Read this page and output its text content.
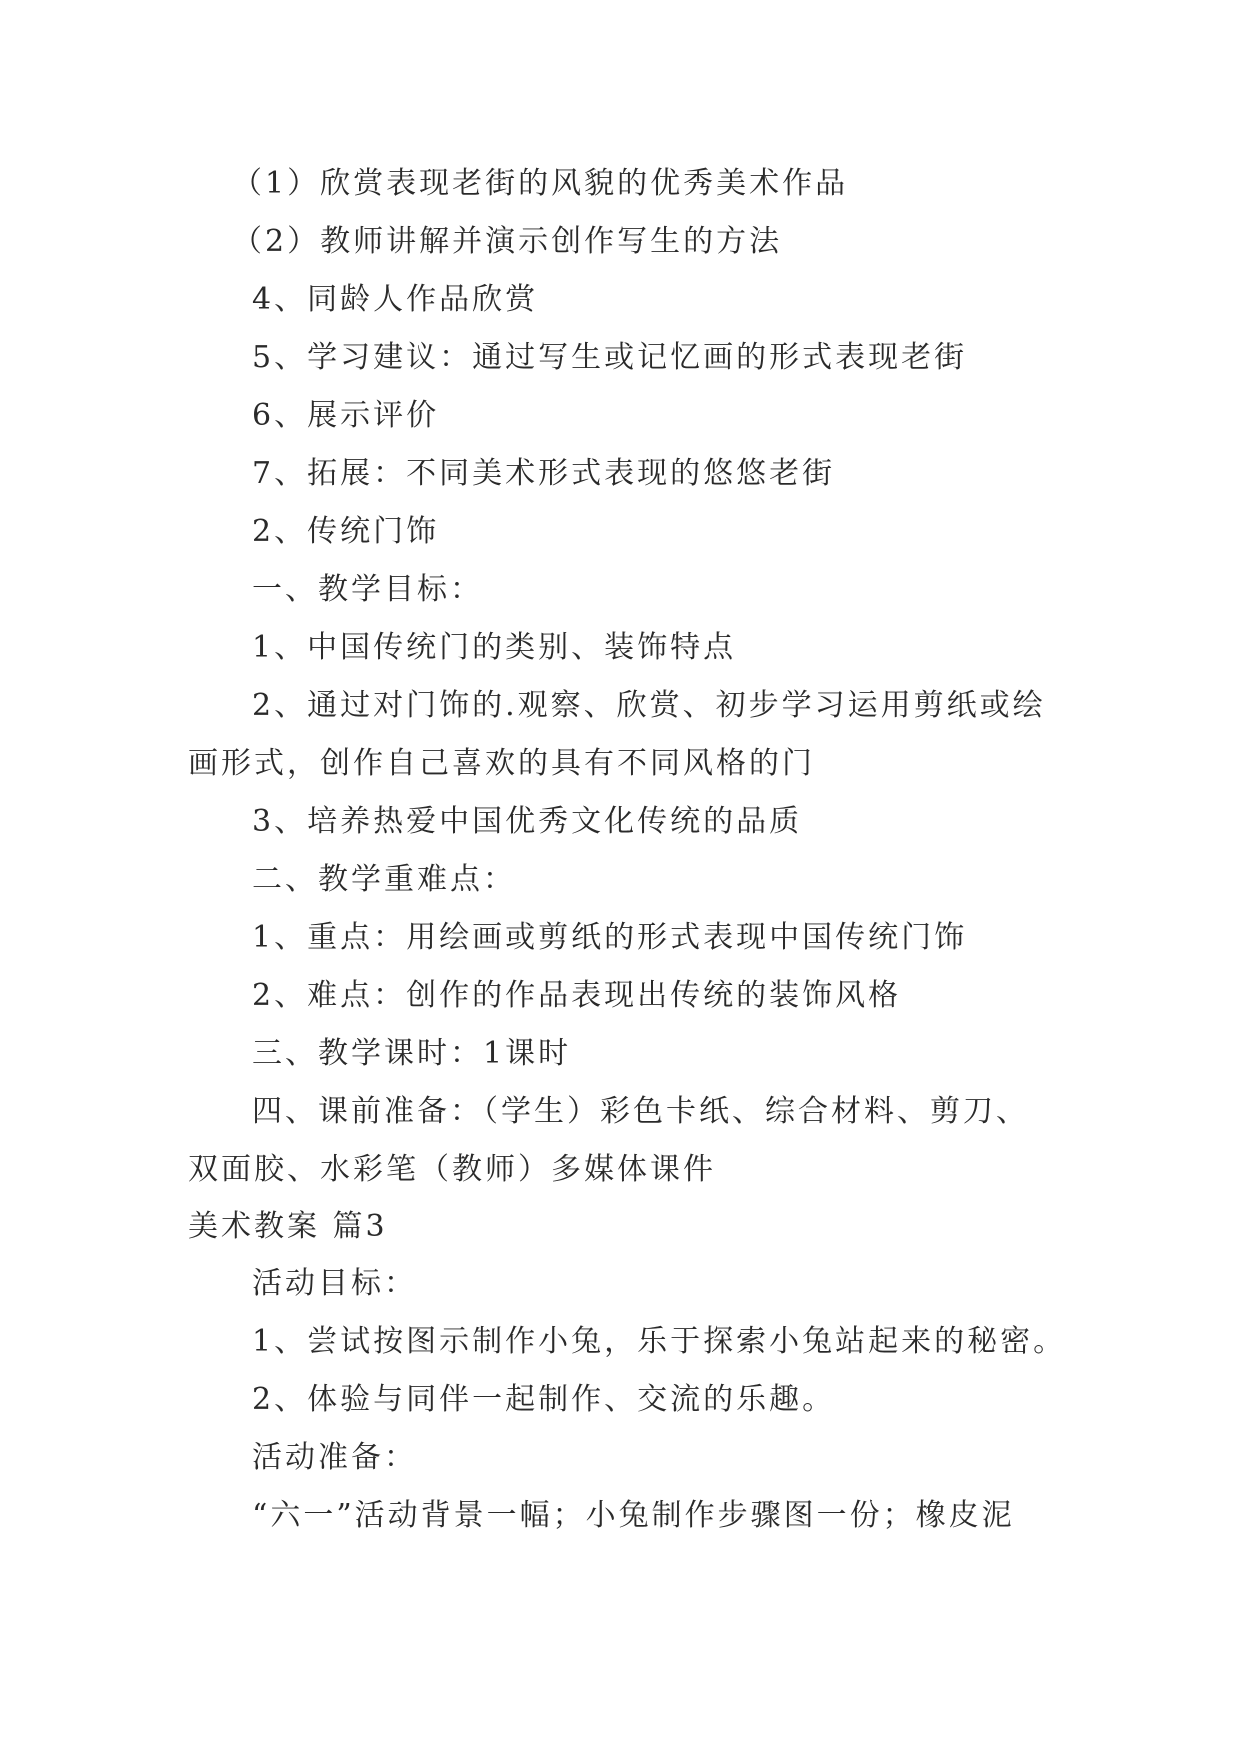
（1）欣赏表现老街的风貌的优秀美术作品

（2）教师讲解并演示创作写生的方法

4、同龄人作品欣赏

5、学习建议：通过写生或记忆画的形式表现老街

6、展示评价

7、拓展：不同美术形式表现的悠悠老街

2、传统门饰

一、教学目标：

1、中国传统门的类别、装饰特点

2、通过对门饰的.观察、欣赏、初步学习运用剪纸或绘

画形式，创作自己喜欢的具有不同风格的门

3、培养热爱中国优秀文化传统的品质

二、教学重难点：

1、重点：用绘画或剪纸的形式表现中国传统门饰

2、难点：创作的作品表现出传统的装饰风格

三、教学课时：1课时

四、课前准备：（学生）彩色卡纸、综合材料、剪刀、

双面胶、水彩笔（教师）多媒体课件

美术教案 篇3

活动目标：

1、尝试按图示制作小兔，乐于探索小兔站起来的秘密。

2、体验与同伴一起制作、交流的乐趣。

活动准备：

“六一”活动背景一幅；小兔制作步骤图一份；橡皮泥
